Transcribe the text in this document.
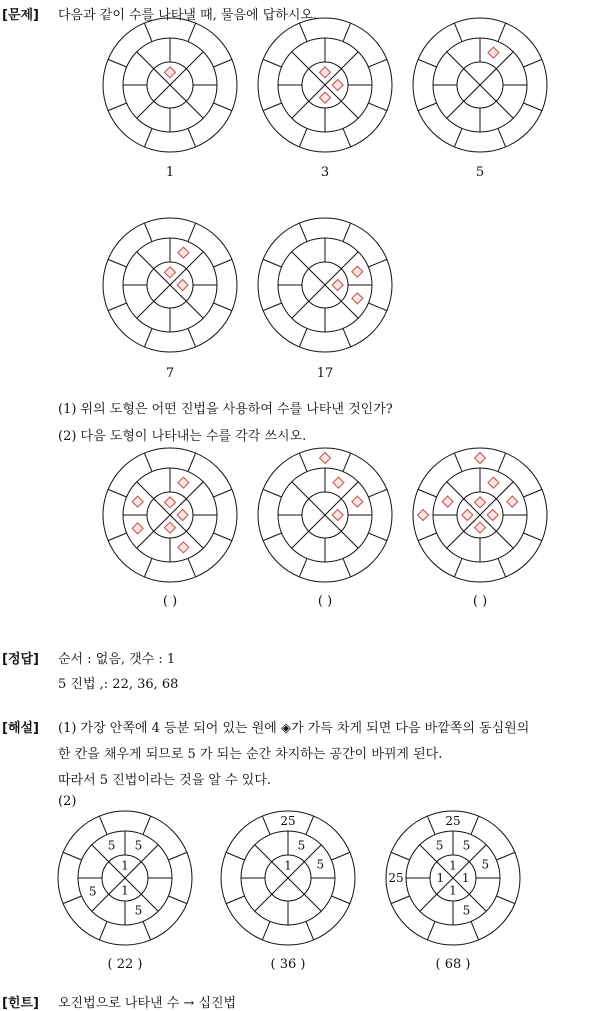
[문제] 다음과 같이 수를 나타낼 때, 물음에 답하시오.
1	3	5
7	17
(1) 위의 도형은 어떤 진법을 사용하여 수를 나타낸 것인가?
(2) 다음 도형이 나타내는 수를 각각 쓰시오.
( )	( )	( )
[정답] 순서 : 없음, 갯수 : 1
5 진법 ,: 22, 36, 68
[해설] (1) 가장 안쪽에 4 등분 되어 있는 원에 ◈가 가득 차게 되면 다음 바깥쪽의 동심원의
한 칸을 채우게 되므로 5 가 되는 순간 차지하는 공간이 바뀌게 된다.
따라서 5 진법이라는 것을 알 수 있다.
(2)
1
1
5
5
5
5
1
5
5
25
1
1
1
1
5
5
5
5
25
25
( 22 )	( 36 )	( 68 )
[힌트] 오진법으로 나타낸 수 → 십진법
